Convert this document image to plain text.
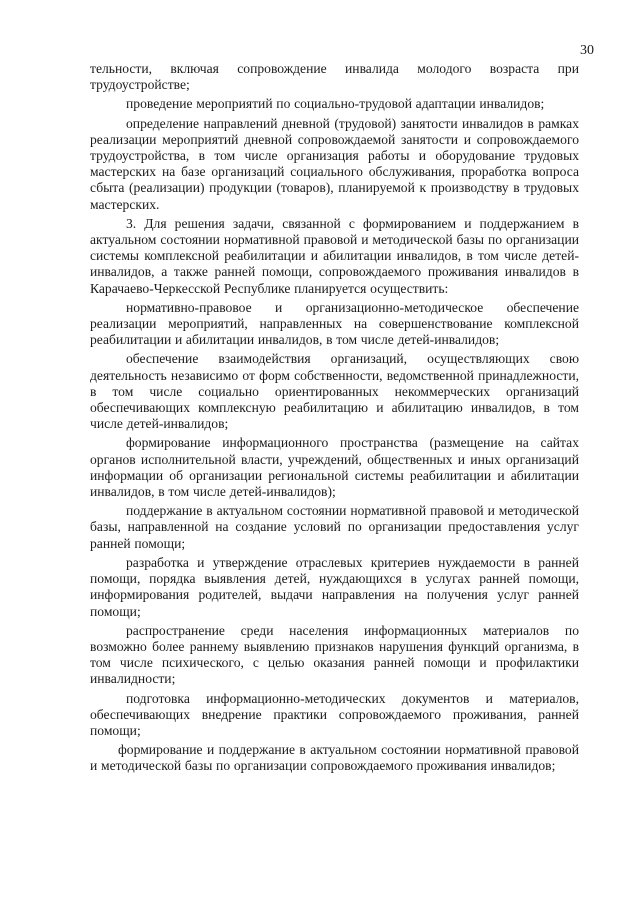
30

тельности, включая сопровождение инвалида молодого возраста при трудоустройстве;

проведение мероприятий по социально-трудовой адаптации инвалидов;

определение направлений дневной (трудовой) занятости инвалидов в рамках реализации мероприятий дневной сопровождаемой занятости и сопровождаемого трудоустройства, в том числе организация работы и оборудование трудовых мастерских на базе организаций социального обслуживания, проработка вопроса сбыта (реализации) продукции (товаров), планируемой к производству в трудовых мастерских.

3. Для решения задачи, связанной с формированием и поддержанием в актуальном состоянии нормативной правовой и методической базы по организации системы комплексной реабилитации и абилитации инвалидов, в том числе детей- инвалидов, а также ранней помощи, сопровождаемого проживания инвалидов в Карачаево-Черкесской Республике планируется осуществить:

нормативно-правовое и организационно-методическое обеспечение реализации мероприятий, направленных на совершенствование комплексной реабилитации и абилитации инвалидов, в том числе детей-инвалидов;

обеспечение взаимодействия организаций, осуществляющих свою деятельность независимо от форм собственности, ведомственной принадлежности, в том числе социально ориентированных некоммерческих организаций обеспечивающих комплексную реабилитацию и абилитацию инвалидов, в том числе детей-инвалидов;

формирование информационного пространства (размещение на сайтах органов исполнительной власти, учреждений, общественных и иных организаций информации об организации региональной системы реабилитации и абилитации инвалидов, в том числе детей-инвалидов);

поддержание в актуальном состоянии нормативной правовой и методической базы, направленной на создание условий по организации предоставления услуг ранней помощи;

разработка и утверждение отраслевых критериев нуждаемости в ранней помощи, порядка выявления детей, нуждающихся в услугах ранней помощи, информирования родителей, выдачи направления на получения услуг ранней помощи;

распространение среди населения информационных материалов по возможно более раннему выявлению признаков нарушения функций организма, в том числе психического, с целью оказания ранней помощи и профилактики инвалидности;

подготовка информационно-методических документов и материалов, обеспечивающих внедрение практики сопровождаемого проживания, ранней помощи;

формирование и поддержание в актуальном состоянии нормативной правовой и методической базы по организации сопровождаемого проживания инвалидов;
